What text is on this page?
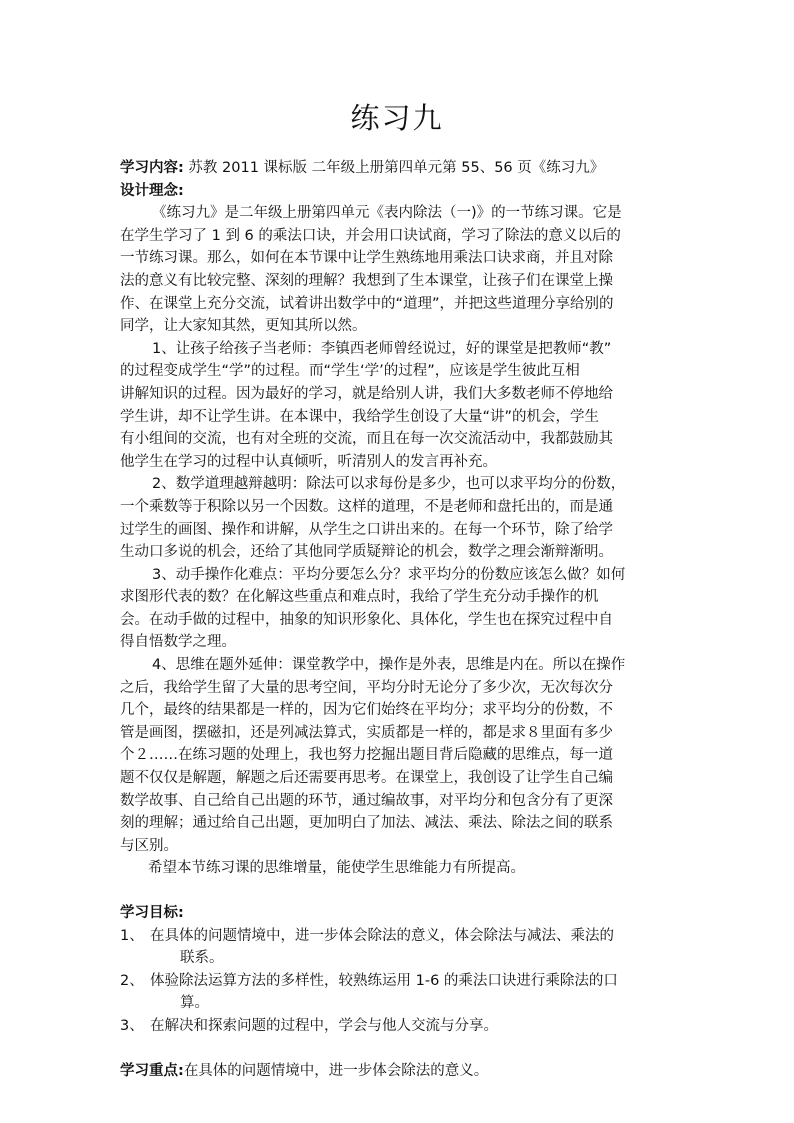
练习九

学习内容: 苏教 2011 课标版 二年级上册第四单元第 55、56 页《练习九》

设计理念:

《练习九》是二年级上册第四单元《表内除法（一)》的一节练习课。它是

在学生学习了 1 到 6 的乘法口诀，并会用口诀试商，学习了除法的意义以后的

一节练习课。那么，如何在本节课中让学生熟练地用乘法口诀求商，并且对除

法的意义有比较完整、深刻的理解？我想到了生本课堂，让孩子们在课堂上操

作、在课堂上充分交流，试着讲出数学中的“道理”，并把这些道理分享给别的

同学，让大家知其然，更知其所以然。

1、让孩子给孩子当老师：李镇西老师曾经说过，好的课堂是把教师“教”

的过程变成学生“学”的过程。而“学生‘学’的过程”，应该是学生彼此互相

讲解知识的过程。因为最好的学习，就是给别人讲，我们大多数老师不停地给

学生讲，却不让学生讲。在本课中，我给学生创设了大量“讲”的机会，学生

有小组间的交流，也有对全班的交流，而且在每一次交流活动中，我都鼓励其

他学生在学习的过程中认真倾听，听清别人的发言再补充。

2、数学道理越辩越明：除法可以求每份是多少，也可以求平均分的份数，

一个乘数等于积除以另一个因数。这样的道理，不是老师和盘托出的，而是通

过学生的画图、操作和讲解，从学生之口讲出来的。在每一个环节，除了给学

生动口多说的机会，还给了其他同学质疑辩论的机会，数学之理会渐辩渐明。

3、动手操作化难点：平均分要怎么分？求平均分的份数应该怎么做？如何

求图形代表的数？在化解这些重点和难点时，我给了学生充分动手操作的机

会。在动手做的过程中，抽象的知识形象化、具体化，学生也在探究过程中自

得自悟数学之理。

4、思维在题外延伸：课堂教学中，操作是外表，思维是内在。所以在操作

之后，我给学生留了大量的思考空间，平均分时无论分了多少次，无次每次分

几个，最终的结果都是一样的，因为它们始终在平均分；求平均分的份数，不

管是画图，摆磁扣，还是列减法算式，实质都是一样的，都是求８里面有多少

个２……在练习题的处理上，我也努力挖掘出题目背后隐藏的思维点，每一道

题不仅仅是解题，解题之后还需要再思考。在课堂上，我创设了让学生自己编

数学故事、自己给自己出题的环节，通过编故事，对平均分和包含分有了更深

刻的理解；通过给自己出题，更加明白了加法、减法、乘法、除法之间的联系

与区别。

希望本节练习课的思维增量，能使学生思维能力有所提高。

学习目标:

1、 在具体的问题情境中，进一步体会除法的意义，体会除法与减法、乘法的

联系。

2、 体验除法运算方法的多样性，较熟练运用 1-6 的乘法口诀进行乘除法的口

算。

3、 在解决和探索问题的过程中，学会与他人交流与分享。

学习重点:在具体的问题情境中，进一步体会除法的意义。
